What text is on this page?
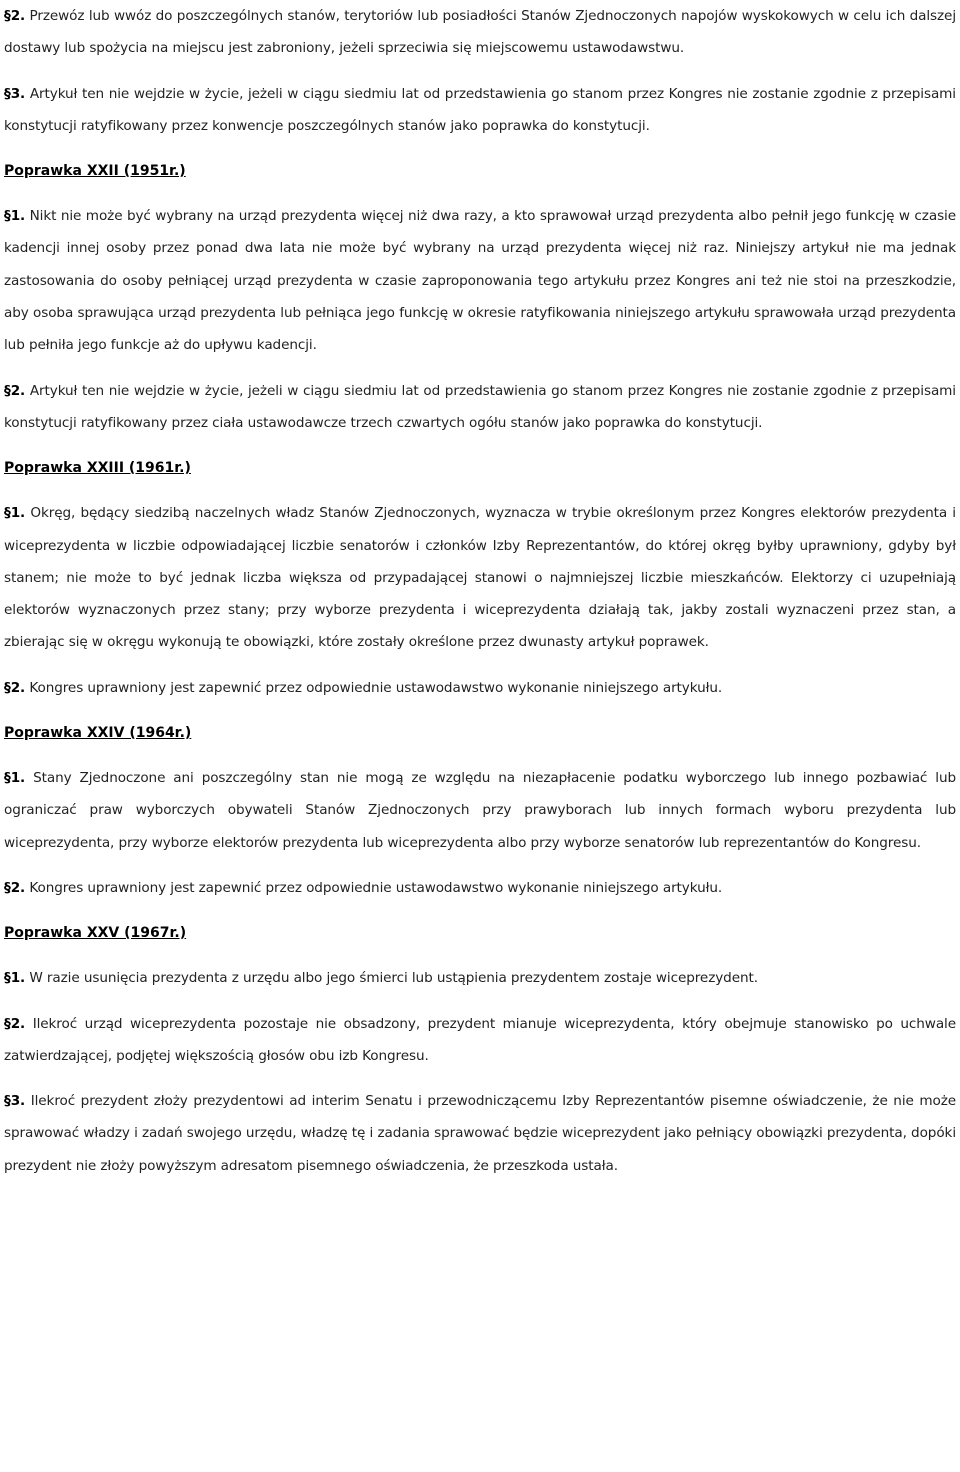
§2. Przewóz lub wwóz do poszczególnych stanów, terytoriów lub posiadłości Stanów Zjednoczonych napojów wyskokowych w celu ich dalszej dostawy lub spożycia na miejscu jest zabroniony, jeżeli sprzeciwia się miejscowemu ustawodawstwu.

§3. Artykuł ten nie wejdzie w życie, jeżeli w ciągu siedmiu lat od przedstawienia go stanom przez Kongres nie zostanie zgodnie z przepisami konstytucji ratyfikowany przez konwencje poszczególnych stanów jako poprawka do konstytucji.

Poprawka XXII (1951r.)

§1. Nikt nie może być wybrany na urząd prezydenta więcej niż dwa razy, a kto sprawował urząd prezydenta albo pełnił jego funkcję w czasie kadencji innej osoby przez ponad dwa lata nie może być wybrany na urząd prezydenta więcej niż raz. Niniejszy artykuł nie ma jednak zastosowania do osoby pełniącej urząd prezydenta w czasie zaproponowania tego artykułu przez Kongres ani też nie stoi na przeszkodzie, aby osoba sprawująca urząd prezydenta lub pełniąca jego funkcję w okresie ratyfikowania niniejszego artykułu sprawowała urząd prezydenta lub pełniła jego funkcje aż do upływu kadencji.

§2. Artykuł ten nie wejdzie w życie, jeżeli w ciągu siedmiu lat od przedstawienia go stanom przez Kongres nie zostanie zgodnie z przepisami konstytucji ratyfikowany przez ciała ustawodawcze trzech czwartych ogółu stanów jako poprawka do konstytucji.

Poprawka XXIII (1961r.)

§1. Okręg, będący siedzibą naczelnych władz Stanów Zjednoczonych, wyznacza w trybie określonym przez Kongres elektorów prezydenta i wiceprezydenta w liczbie odpowiadającej liczbie senatorów i członków Izby Reprezentantów, do której okręg byłby uprawniony, gdyby był stanem; nie może to być jednak liczba większa od przypadającej stanowi o najmniejszej liczbie mieszkańców. Elektorzy ci uzupełniają elektorów wyznaczonych przez stany; przy wyborze prezydenta i wiceprezydenta działają tak, jakby zostali wyznaczeni przez stan, a zbierając się w okręgu wykonują te obowiązki, które zostały określone przez dwunasty artykuł poprawek.

§2. Kongres uprawniony jest zapewnić przez odpowiednie ustawodawstwo wykonanie niniejszego artykułu.

Poprawka XXIV (1964r.)

§1. Stany Zjednoczone ani poszczególny stan nie mogą ze względu na niezapłacenie podatku wyborczego lub innego pozbawiać lub ograniczać praw wyborczych obywateli Stanów Zjednoczonych przy prawyborach lub innych formach wyboru prezydenta lub wiceprezydenta, przy wyborze elektorów prezydenta lub wiceprezydenta albo przy wyborze senatorów lub reprezentantów do Kongresu.

§2. Kongres uprawniony jest zapewnić przez odpowiednie ustawodawstwo wykonanie niniejszego artykułu.

Poprawka XXV (1967r.)

§1. W razie usunięcia prezydenta z urzędu albo jego śmierci lub ustąpienia prezydentem zostaje wiceprezydent.

§2. Ilekroć urząd wiceprezydenta pozostaje nie obsadzony, prezydent mianuje wiceprezydenta, który obejmuje stanowisko po uchwale zatwierdzającej, podjętej większością głosów obu izb Kongresu.

§3. Ilekroć prezydent złoży prezydentowi ad interim Senatu i przewodniczącemu Izby Reprezentantów pisemne oświadczenie, że nie może sprawować władzy i zadań swojego urzędu, władzę tę i zadania sprawować będzie wiceprezydent jako pełniący obowiązki prezydenta, dopóki prezydent nie złoży powyższym adresatom pisemnego oświadczenia, że przeszkoda ustała.
